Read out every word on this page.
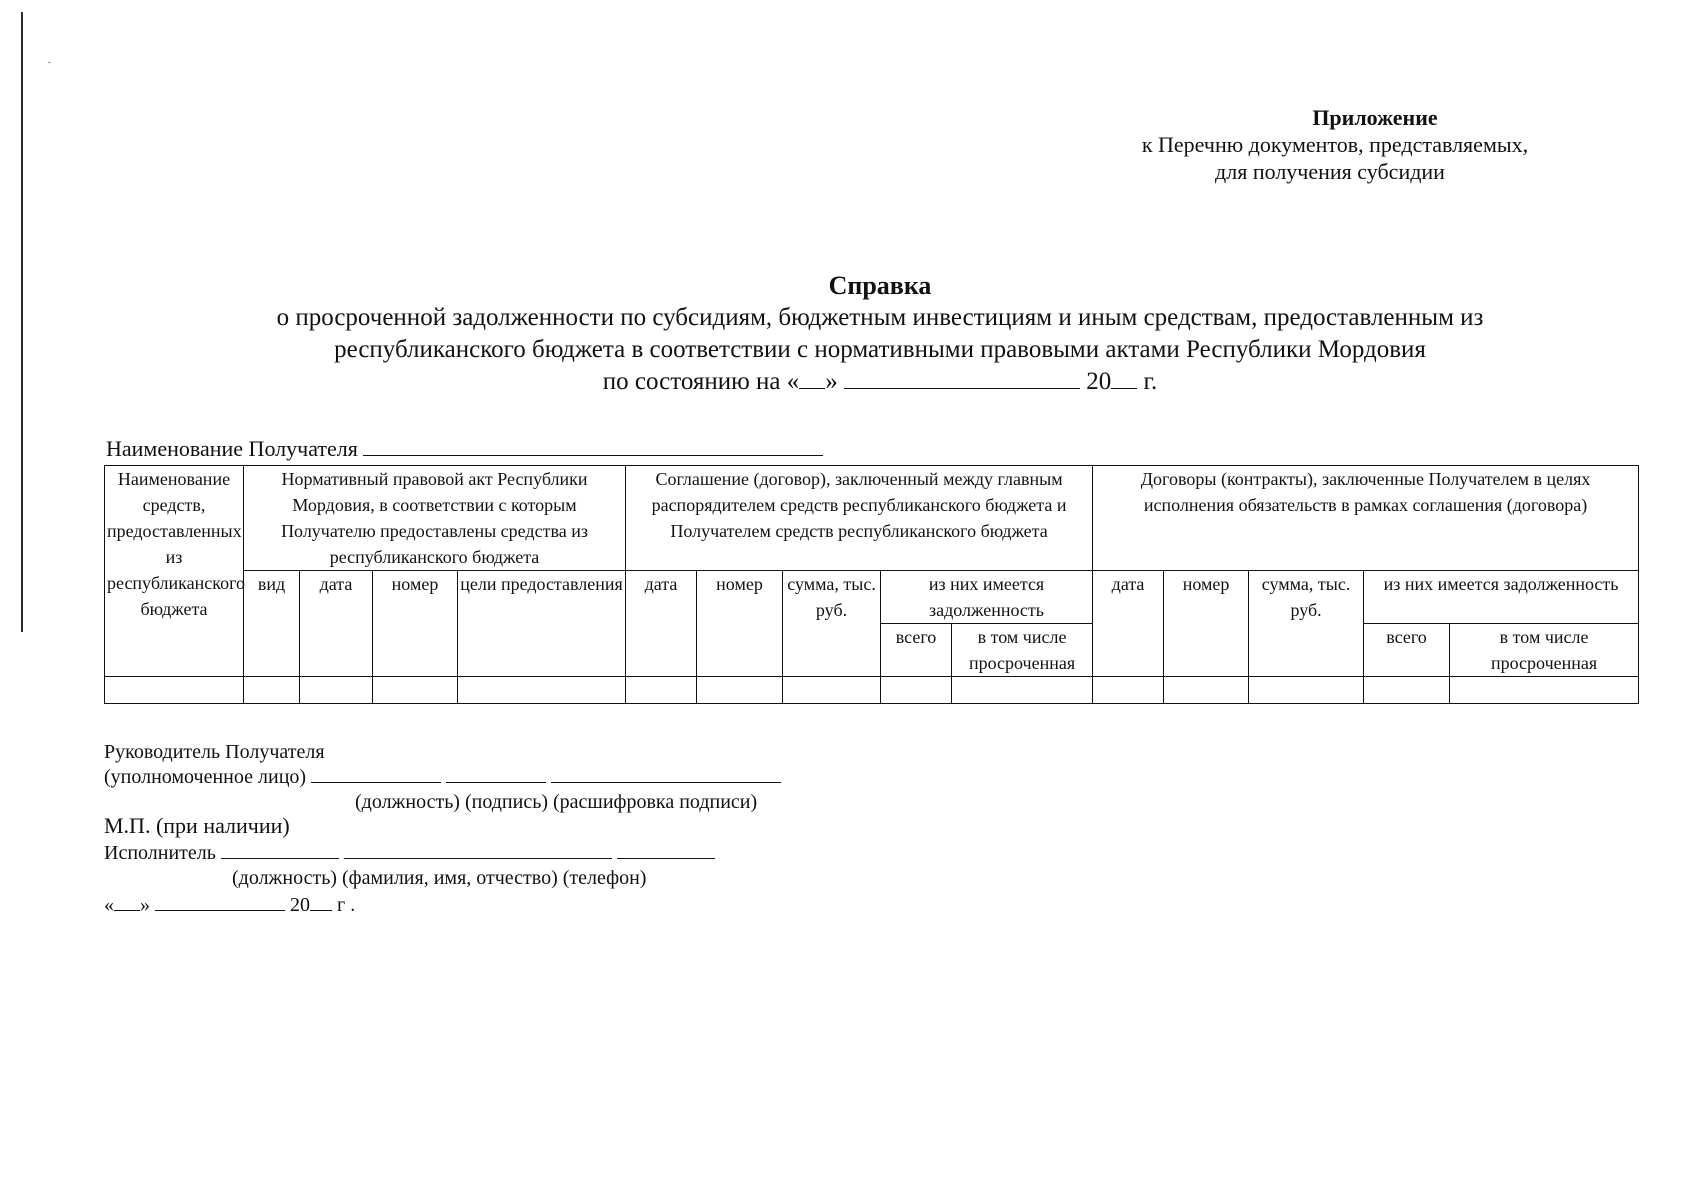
Приложение
к Перечню документов, представляемых,
для получения субсидии
Справка
о просроченной задолженности по субсидиям, бюджетным инвестициям и иным средствам, предоставленным из
республиканского бюджета в соответствии с нормативными правовыми актами Республики Мордовия
по состоянию на « »	20 г.
Наименование Получателя
Наименование средств, предоставленных из республиканского бюджета	Нормативный правовой акт Республики Мордовия, в соответствии с которым Получателю предоставлены средства из республиканского бюджета				Соглашение (договор), заключенный между главным распорядителем средств республиканского бюджета и Получателем средств республиканского бюджета					Договоры (контракты), заключенные Получателем в целях исполнения обязательств в рамках соглашения (договора)				
	вид	дата	номер	цели предоставления	дата	номер	сумма, тыс. руб.	из них имеется задолженность		дата	номер	сумма, тыс. руб.	из них имеется задолженность	
								всего	в том числе просроченная				всего	в том числе просроченная

Руководитель Получателя
(уполномоченное лицо)
(должность) (подпись) (расшифровка подписи)
М.П. (при наличии)
Исполнитель
(должность) (фамилия, имя, отчество) (телефон)
« »	20 г .
